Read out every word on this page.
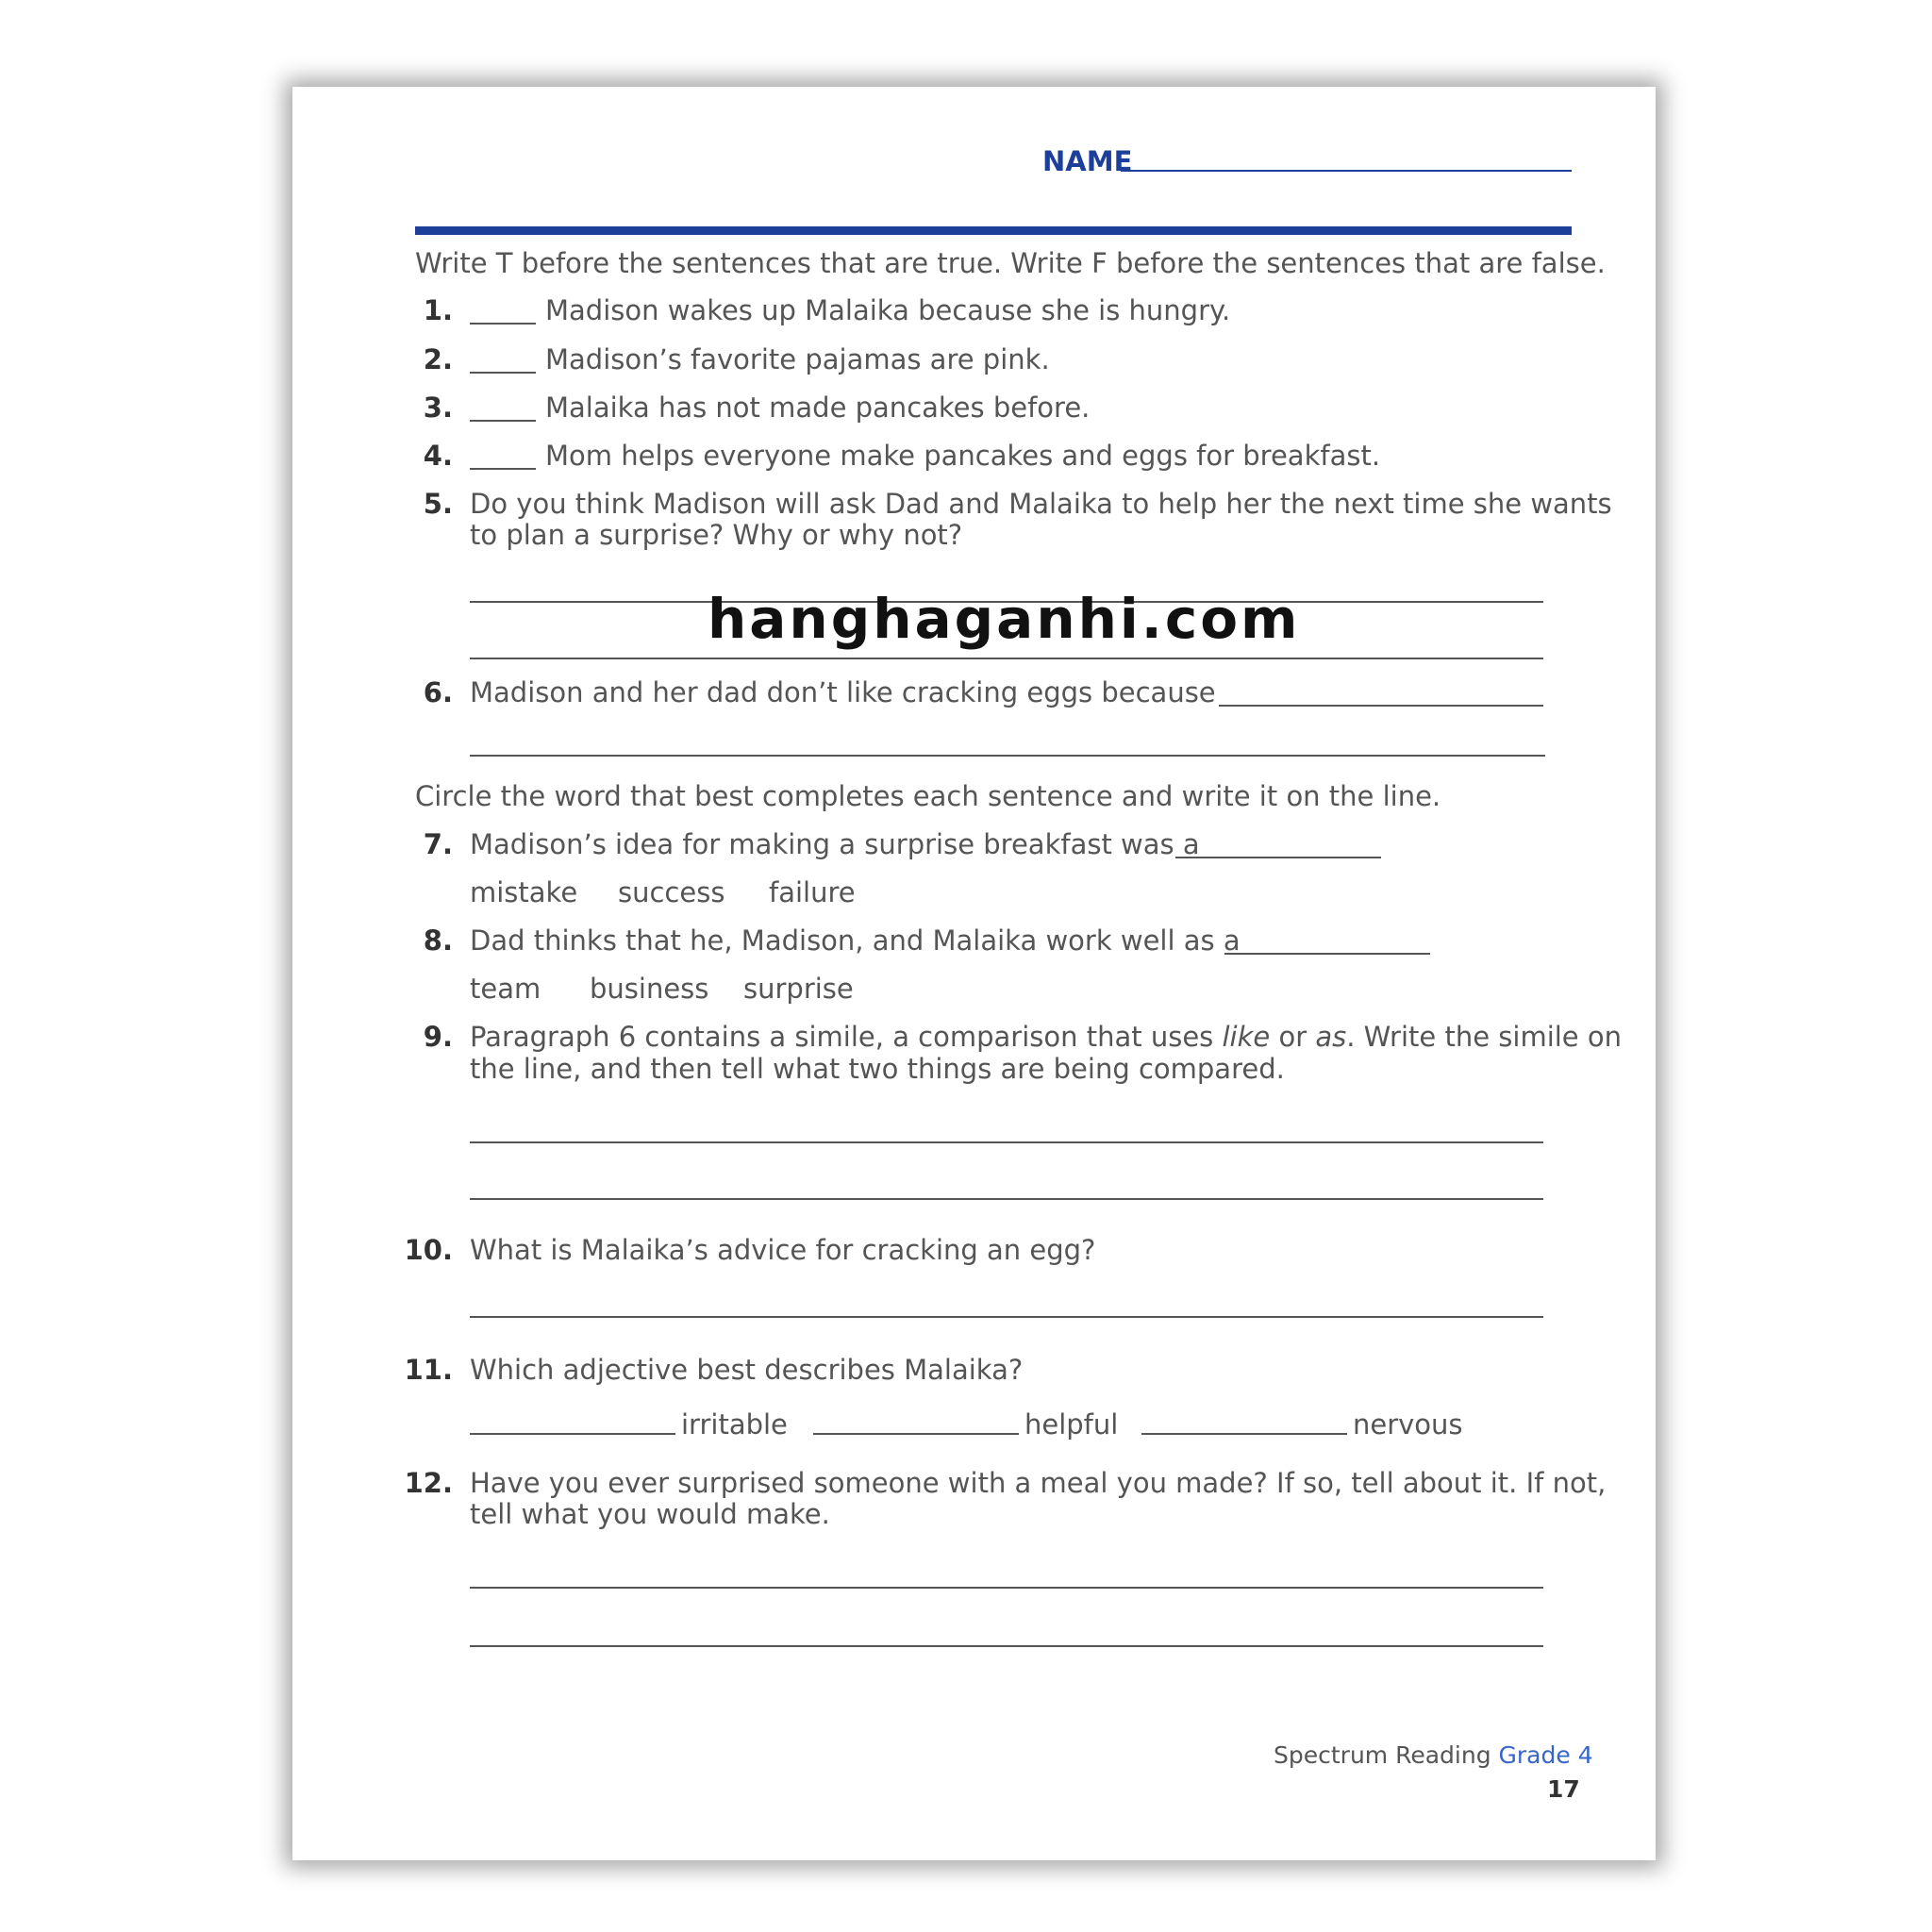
NAME
Write T before the sentences that are true. Write F before the sentences that are false.
1.	Madison wakes up Malaika because she is hungry.
2.	Madison’s favorite pajamas are pink.
3.	Malaika has not made pancakes before.
4.	Mom helps everyone make pancakes and eggs for breakfast.
5. Do you think Madison will ask Dad and Malaika to help her the next time she wants
to plan a surprise? Why or why not?
6. Madison and her dad don’t like cracking eggs because
Circle the word that best completes each sentence and write it on the line.
7. Madison’s idea for making a surprise breakfast was a
mistake success failure
8. Dad thinks that he, Madison, and Malaika work well as a
team business surprise
9. Paragraph 6 contains a simile, a comparison that uses like or as. Write the simile on
the line, and then tell what two things are being compared.
10. What is Malaika’s advice for cracking an egg?
11. Which adjective best describes Malaika?
irritable	helpful	nervous
12. Have you ever surprised someone with a meal you made? If so, tell about it. If not,
tell what you would make.
hanghaganhi.com
Spectrum Reading Grade 4
17
